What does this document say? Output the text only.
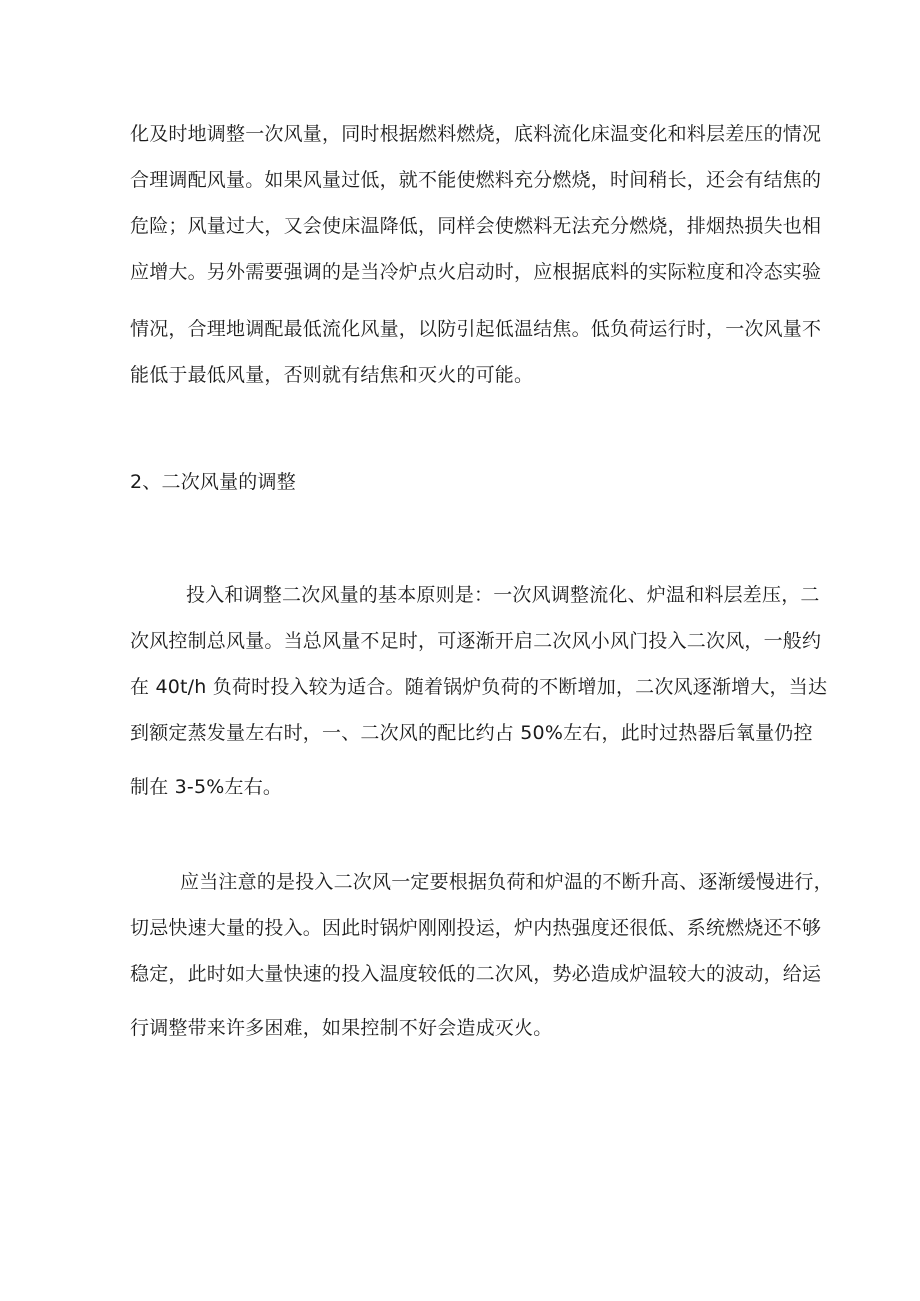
化及时地调整一次风量，同时根据燃料燃烧，底料流化床温变化和料层差压的情况
合理调配风量。如果风量过低，就不能使燃料充分燃烧，时间稍长，还会有结焦的
危险；风量过大，又会使床温降低，同样会使燃料无法充分燃烧，排烟热损失也相
应增大。另外需要强调的是当冷炉点火启动时，应根据底料的实际粒度和冷态实验
情况，合理地调配最低流化风量，以防引起低温结焦。低负荷运行时，一次风量不
能低于最低风量，否则就有结焦和灭火的可能。
2、二次风量的调整
投入和调整二次风量的基本原则是：一次风调整流化、炉温和料层差压，二
次风控制总风量。当总风量不足时，可逐渐开启二次风小风门投入二次风，一般约
在 40t/h 负荷时投入较为适合。随着锅炉负荷的不断增加，二次风逐渐增大，当达
到额定蒸发量左右时，一、二次风的配比约占 50%左右，此时过热器后氧量仍控
制在 3-5%左右。
应当注意的是投入二次风一定要根据负荷和炉温的不断升高、逐渐缓慢进行，
切忌快速大量的投入。因此时锅炉刚刚投运，炉内热强度还很低、系统燃烧还不够
稳定，此时如大量快速的投入温度较低的二次风，势必造成炉温较大的波动，给运
行调整带来许多困难，如果控制不好会造成灭火。
